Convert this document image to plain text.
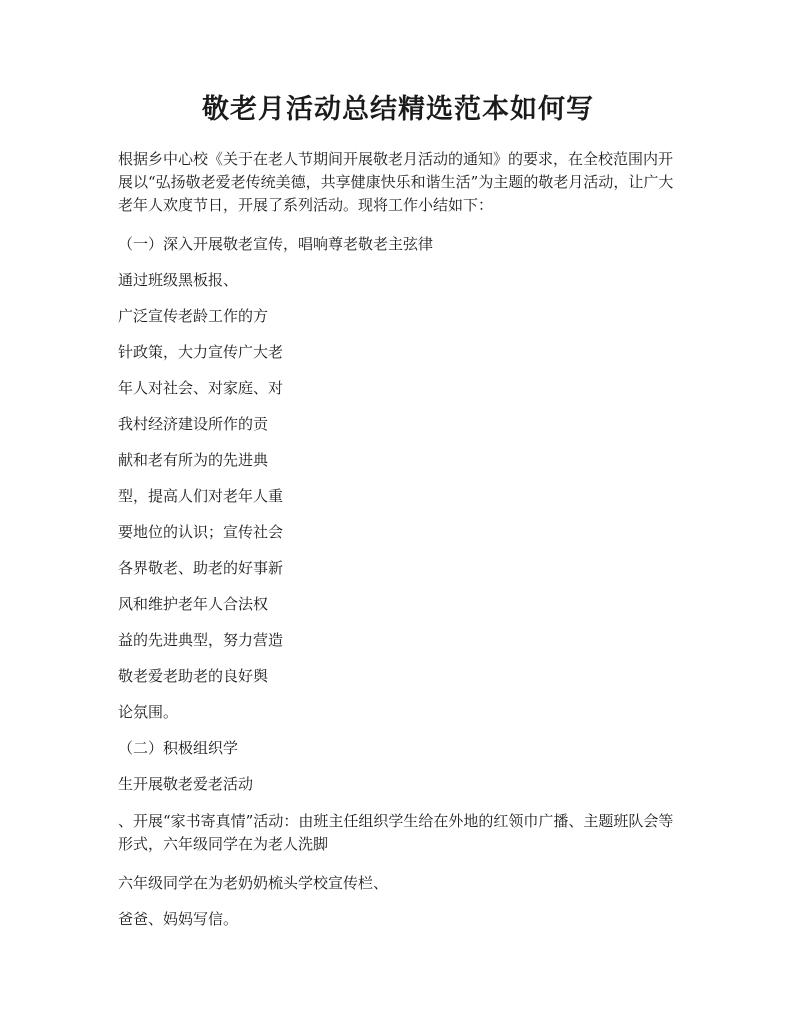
敬老月活动总结精选范本如何写

根据乡中心校《关于在老人节期间开展敬老月活动的通知》的要求，在全校范围内开展以“弘扬敬老爱老传统美德，共享健康快乐和谐生活”为主题的敬老月活动，让广大老年人欢度节日，开展了系列活动。现将工作小结如下：

（一）深入开展敬老宣传，唱响尊老敬老主弦律

通过班级黑板报、

广泛宣传老龄工作的方

针政策，大力宣传广大老

年人对社会、对家庭、对

我村经济建设所作的贡

献和老有所为的先进典

型，提高人们对老年人重

要地位的认识；宣传社会

各界敬老、助老的好事新

风和维护老年人合法权

益的先进典型，努力营造

敬老爱老助老的良好舆

论氛围。

（二）积极组织学

生开展敬老爱老活动

、开展“家书寄真情”活动：由班主任组织学生给在外地的红领巾广播、主题班队会等形式，六年级同学在为老人洗脚

六年级同学在为老奶奶梳头学校宣传栏、

爸爸、妈妈写信。
